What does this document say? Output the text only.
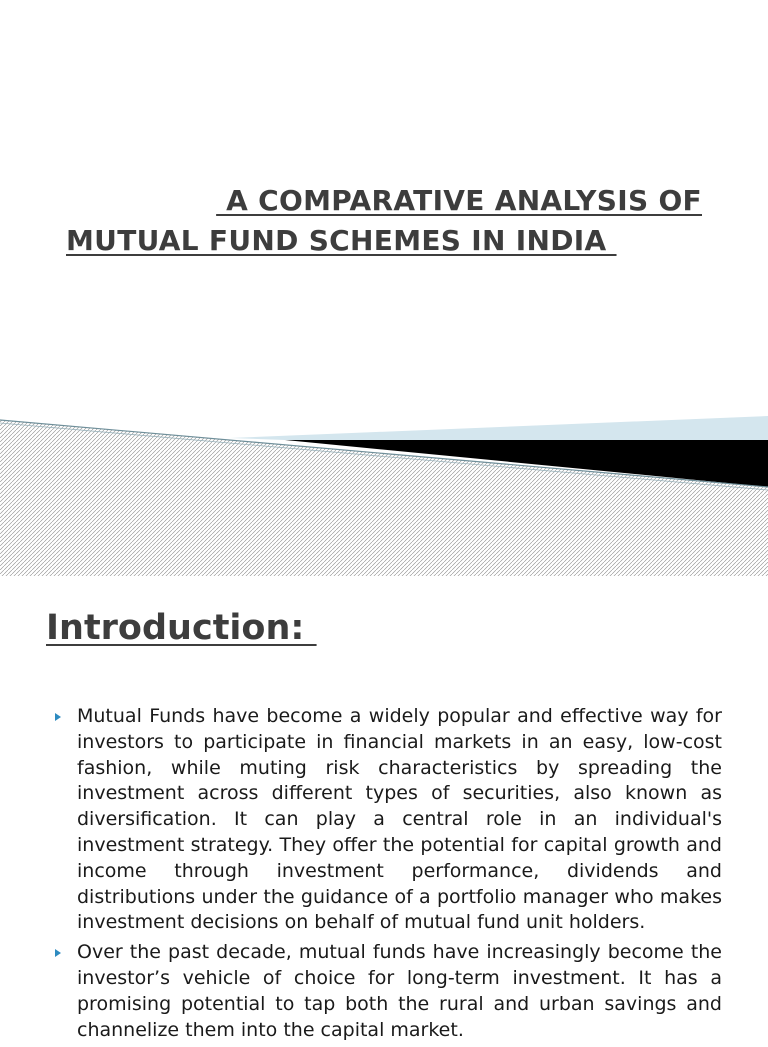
A COMPARATIVE ANALYSIS OF
MUTUAL FUND SCHEMES IN INDIA
Introduction:
Mutual Funds have become a widely popular and effective way for investors to participate in financial markets in an easy, low-cost fashion, while muting risk characteristics by spreading the investment across different types of securities, also known as diversification. It can play a central role in an individual's investment strategy. They offer the potential for capital growth and income through investment performance, dividends and distributions under the guidance of a portfolio manager who makes investment decisions on behalf of mutual fund unit holders.
Over the past decade, mutual funds have increasingly become the investor’s vehicle of choice for long-term investment. It has a promising potential to tap both the rural and urban savings and channelize them into the capital market.
